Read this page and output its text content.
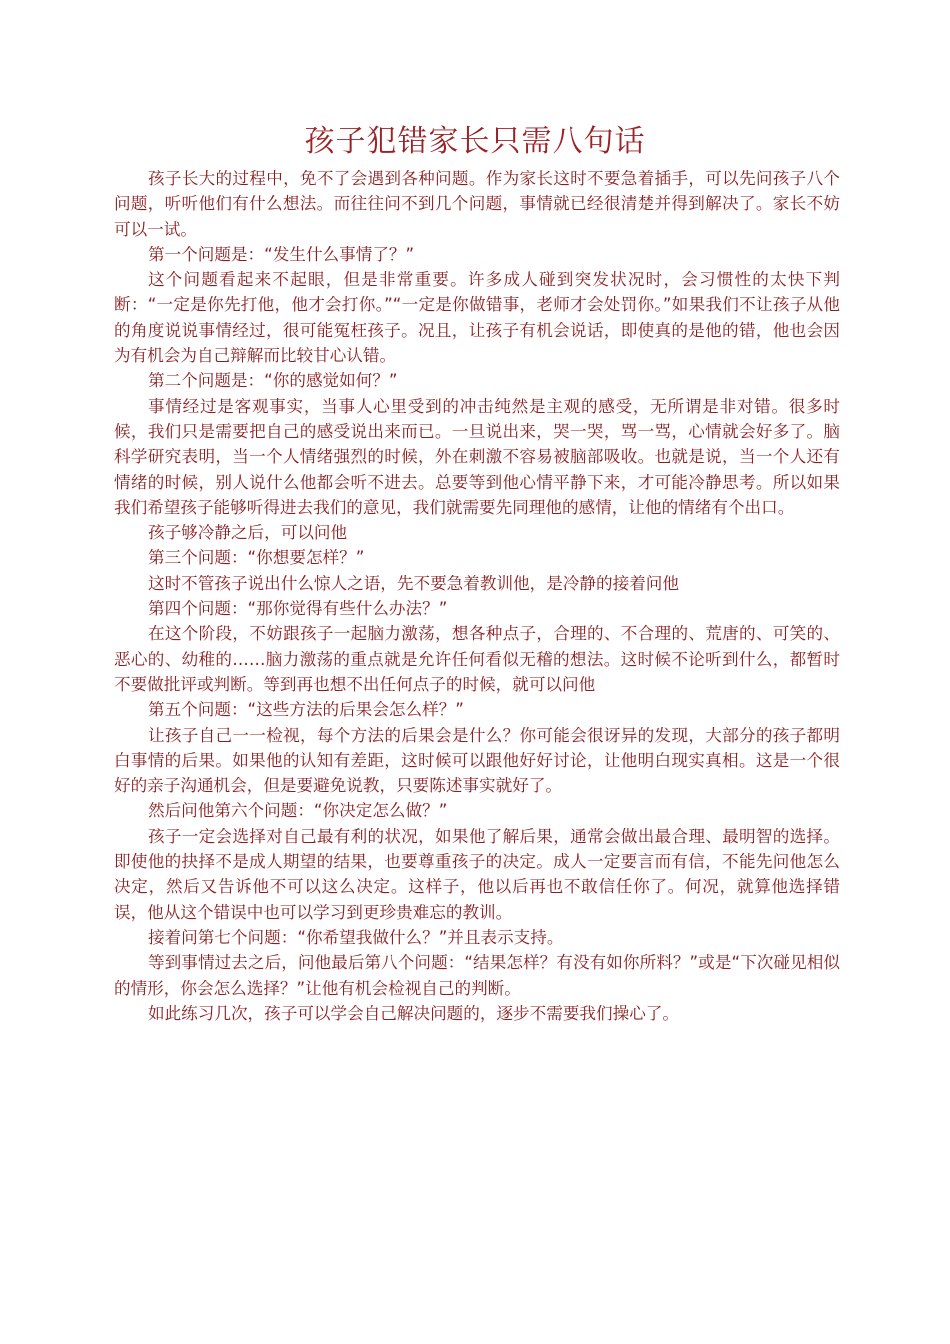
孩子犯错家长只需八句话

孩子长大的过程中，免不了会遇到各种问题。作为家长这时不要急着插手，可以先问孩子八个问题，听听他们有什么想法。而往往问不到几个问题，事情就已经很清楚并得到解决了。家长不妨可以一试。

第一个问题是：“发生什么事情了？”

这个问题看起来不起眼，但是非常重要。许多成人碰到突发状况时，会习惯性的太快下判断：“一定是你先打他，他才会打你。”“一定是你做错事，老师才会处罚你。”如果我们不让孩子从他的角度说说事情经过，很可能冤枉孩子。况且，让孩子有机会说话，即使真的是他的错，他也会因为有机会为自己辩解而比较甘心认错。

第二个问题是：“你的感觉如何？”

事情经过是客观事实，当事人心里受到的冲击纯然是主观的感受，无所谓是非对错。很多时候，我们只是需要把自己的感受说出来而已。一旦说出来，哭一哭，骂一骂，心情就会好多了。脑科学研究表明，当一个人情绪强烈的时候，外在刺激不容易被脑部吸收。也就是说，当一个人还有情绪的时候，别人说什么他都会听不进去。总要等到他心情平静下来，才可能冷静思考。所以如果我们希望孩子能够听得进去我们的意见，我们就需要先同理他的感情，让他的情绪有个出口。

孩子够冷静之后，可以问他

第三个问题：“你想要怎样？”

这时不管孩子说出什么惊人之语，先不要急着教训他，是冷静的接着问他

第四个问题：“那你觉得有些什么办法？”

在这个阶段，不妨跟孩子一起脑力激荡，想各种点子，合理的、不合理的、荒唐的、可笑的、恶心的、幼稚的……脑力激荡的重点就是允许任何看似无稽的想法。这时候不论听到什么，都暂时不要做批评或判断。等到再也想不出任何点子的时候，就可以问他

第五个问题：“这些方法的后果会怎么样？”

让孩子自己一一检视，每个方法的后果会是什么？你可能会很讶异的发现，大部分的孩子都明白事情的后果。如果他的认知有差距，这时候可以跟他好好讨论，让他明白现实真相。这是一个很好的亲子沟通机会，但是要避免说教，只要陈述事实就好了。

然后问他第六个问题：“你决定怎么做？”

孩子一定会选择对自己最有利的状况，如果他了解后果，通常会做出最合理、最明智的选择。即使他的抉择不是成人期望的结果，也要尊重孩子的决定。成人一定要言而有信，不能先问他怎么决定，然后又告诉他不可以这么决定。这样子，他以后再也不敢信任你了。何况，就算他选择错误，他从这个错误中也可以学习到更珍贵难忘的教训。

接着问第七个问题：“你希望我做什么？”并且表示支持。

等到事情过去之后，问他最后第八个问题：“结果怎样？有没有如你所料？”或是“下次碰见相似的情形，你会怎么选择？”让他有机会检视自己的判断。

如此练习几次，孩子可以学会自己解决问题的，逐步不需要我们操心了。
